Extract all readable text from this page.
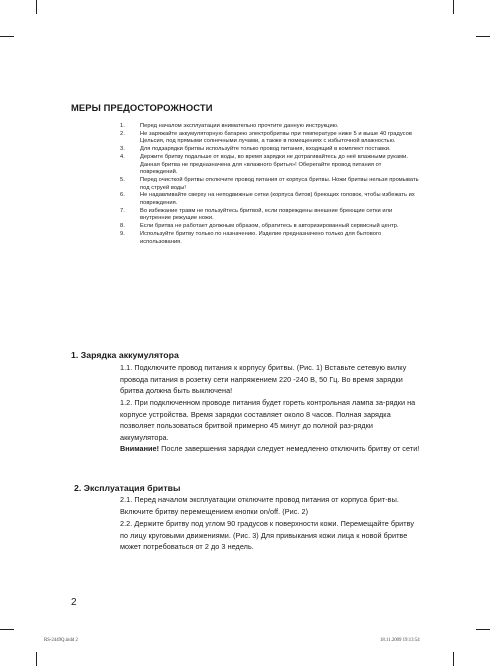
МЕРЫ ПРЕДОСТОРОЖНОСТИ
1.	Перед началом эксплуатации внимательно прочтите данную инструкцию.
2.	Не заряжайте аккумуляторную батарею электробритвы при температуре ниже 5 и выше 40 градусов Цельсия, под прямыми солнечными лучами, а также в помещениях с избыточной влажностью.
3.	Для подзарядки бритвы используйте только провод питания, входящий в комплект поставки.
4.	Держите бритву подальше от воды, во время зарядки не дотрагивайтесь до неё влажными руками. Данная бритва не предназначена для «влажного бритья»! Оберегайте провод питания от повреждений.
5.	Перед очисткой бритвы отключите провод питания от корпуса бритвы. Ножи бритвы нельзя промывать под струей воды!
6.	Не надавливайте сверху на неподвижные сетки (корпуса битов) бреющих головок, чтобы избежать их повреждения.
7.	Во избежание травм не пользуйтесь бритвой, если повреждены внешние бреющие сетки или внутренние режущие ножи.
8.	Если бритва не работает должным образом, обратитесь в авторизированный сервисный центр.
9.	Используйте бритву только по назначению. Изделие предназначено только для бытового использования.
1. Зарядка аккумулятора

1.1. Подключите провод питания к корпусу бритвы. (Рис. 1) Вставьте сетевую вилку провода питания в розетку сети напряжением 220 -240 В, 50 Гц. Во время зарядки бритва должна быть выключена!

1.2. При подключенном проводе питания будет гореть контрольная лампа за-рядки на корпусе устройства. Время зарядки составляет около 8 часов. Полная зарядка позволяет пользоваться бритвой примерно 45 минут до полной раз-рядки аккумулятора.

Внимание! После завершения зарядки следует немедленно отключить бритву от сети!

2. Эксплуатация бритвы

2.1. Перед началом эксплуатации отключите провод питания от корпуса брит-вы. Включите бритву перемещением кнопки on/off. (Рис. 2)

2.2. Держите бритву под углом 90 градусов к поверхности кожи. Перемещайте бритву по лицу круговыми движениями. (Рис. 3) Для привыкания кожи лица к новой бритве может потребоваться от 2 до 3 недель.

2
RS-2449Q.indd 2	18.11.2009 19:13:54
